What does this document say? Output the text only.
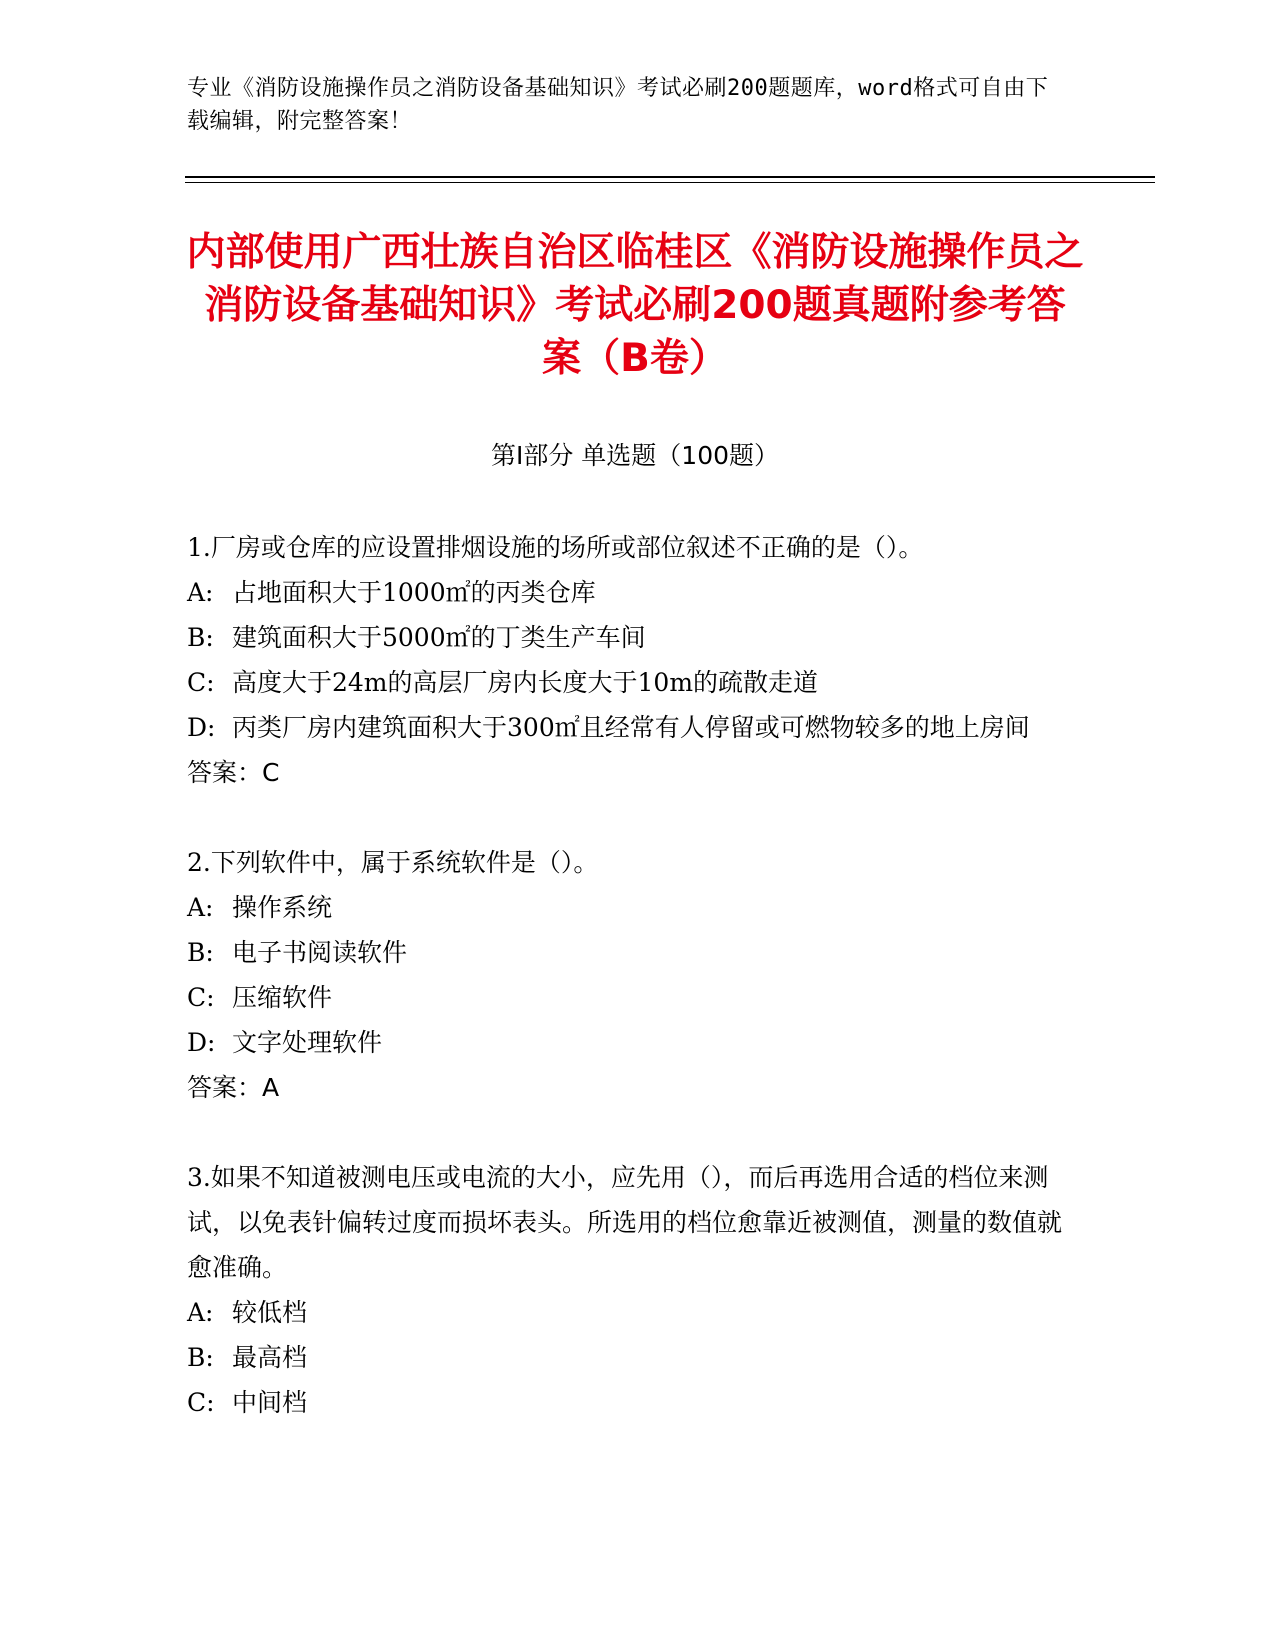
专业《消防设施操作员之消防设备基础知识》考试必刷200题题库，word格式可自由下载编辑，附完整答案！
内部使用广西壮族自治区临桂区《消防设施操作员之消防设备基础知识》考试必刷200题真题附参考答案（B卷）
第Ⅰ部分 单选题（100题）

1.厂房或仓库的应设置排烟设施的场所或部位叙述不正确的是（）。

A: 占地面积大于1000㎡的丙类仓库

B: 建筑面积大于5000㎡的丁类生产车间

C: 高度大于24m的高层厂房内长度大于10m的疏散走道

D: 丙类厂房内建筑面积大于300㎡且经常有人停留或可燃物较多的地上房间

答案：C

2.下列软件中，属于系统软件是（）。

A: 操作系统

B: 电子书阅读软件

C: 压缩软件

D: 文字处理软件

答案：A

3.如果不知道被测电压或电流的大小，应先用（），而后再选用合适的档位来测试，以免表针偏转过度而损坏表头。所选用的档位愈靠近被测值，测量的数值就愈准确。

A: 较低档

B: 最高档

C: 中间档
